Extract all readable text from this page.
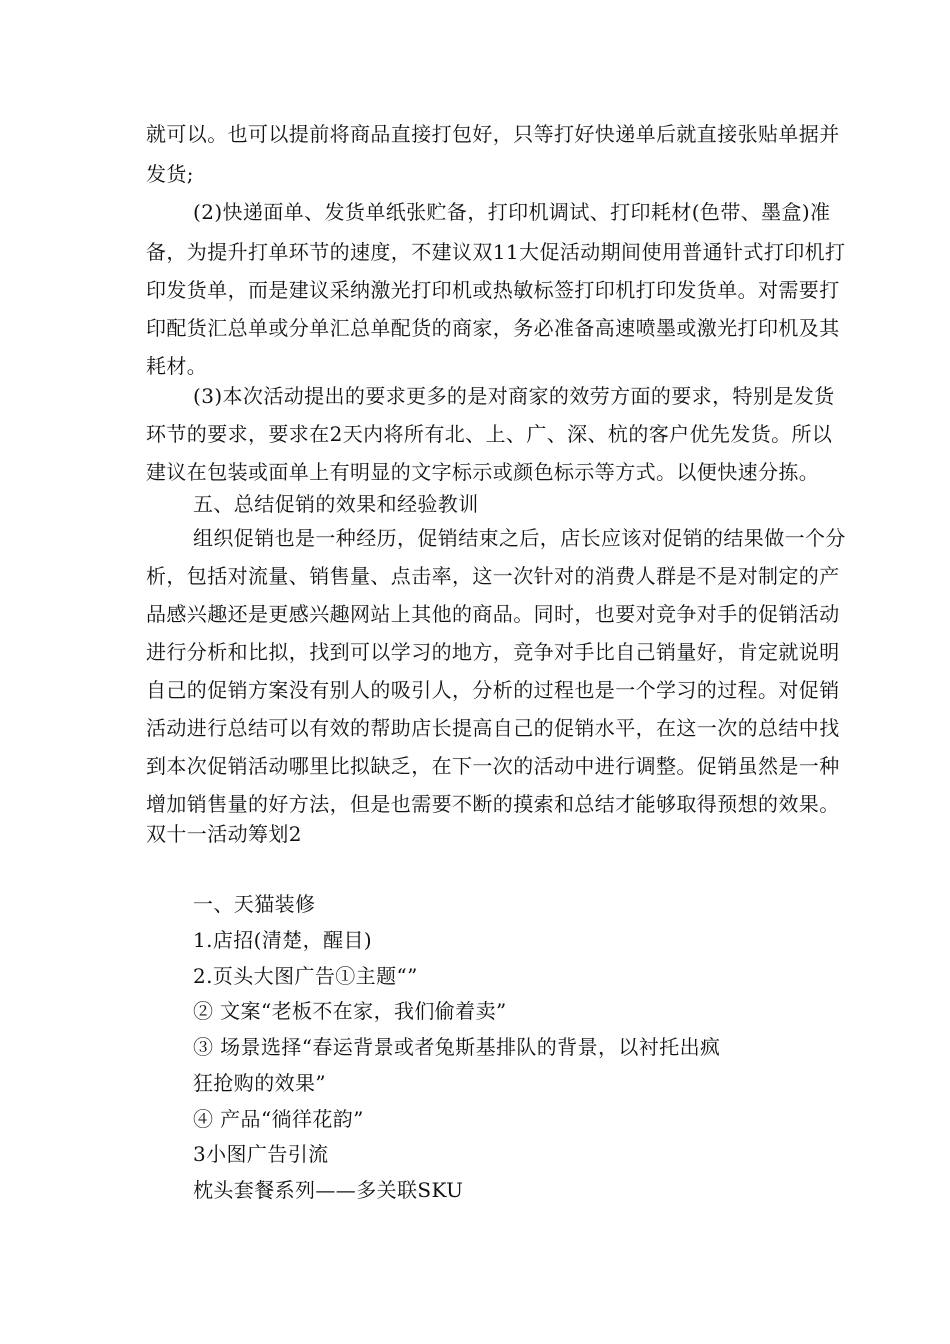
就可以。也可以提前将商品直接打包好，只等打好快递单后就直接张贴单据并
发货;
(2)快递面单、发货单纸张贮备，打印机调试、打印耗材(色带、墨盒)准
备，为提升打单环节的速度，不建议双11大促活动期间使用普通针式打印机打
印发货单，而是建议采纳激光打印机或热敏标签打印机打印发货单。对需要打
印配货汇总单或分单汇总单配货的商家，务必准备高速喷墨或激光打印机及其
耗材。
(3)本次活动提出的要求更多的是对商家的效劳方面的要求，特别是发货
环节的要求，要求在2天内将所有北、上、广、深、杭的客户优先发货。所以
建议在包装或面单上有明显的文字标示或颜色标示等方式。以便快速分拣。
五、总结促销的效果和经验教训
组织促销也是一种经历，促销结束之后，店长应该对促销的结果做一个分
析，包括对流量、销售量、点击率，这一次针对的消费人群是不是对制定的产
品感兴趣还是更感兴趣网站上其他的商品。同时，也要对竞争对手的促销活动
进行分析和比拟，找到可以学习的地方，竞争对手比自己销量好，肯定就说明
自己的促销方案没有别人的吸引人，分析的过程也是一个学习的过程。对促销
活动进行总结可以有效的帮助店长提高自己的促销水平，在这一次的总结中找
到本次促销活动哪里比拟缺乏，在下一次的活动中进行调整。促销虽然是一种
增加销售量的好方法，但是也需要不断的摸索和总结才能够取得预想的效果。
双十一活动筹划2
一、天猫装修
1.店招(清楚，醒目)
2.页头大图广告①主题“”
② 文案“老板不在家，我们偷着卖”
③ 场景选择“春运背景或者兔斯基排队的背景，以衬托出疯
狂抢购的效果”
④ 产品“徜徉花韵”
3小图广告引流
枕头套餐系列——多关联SKU
